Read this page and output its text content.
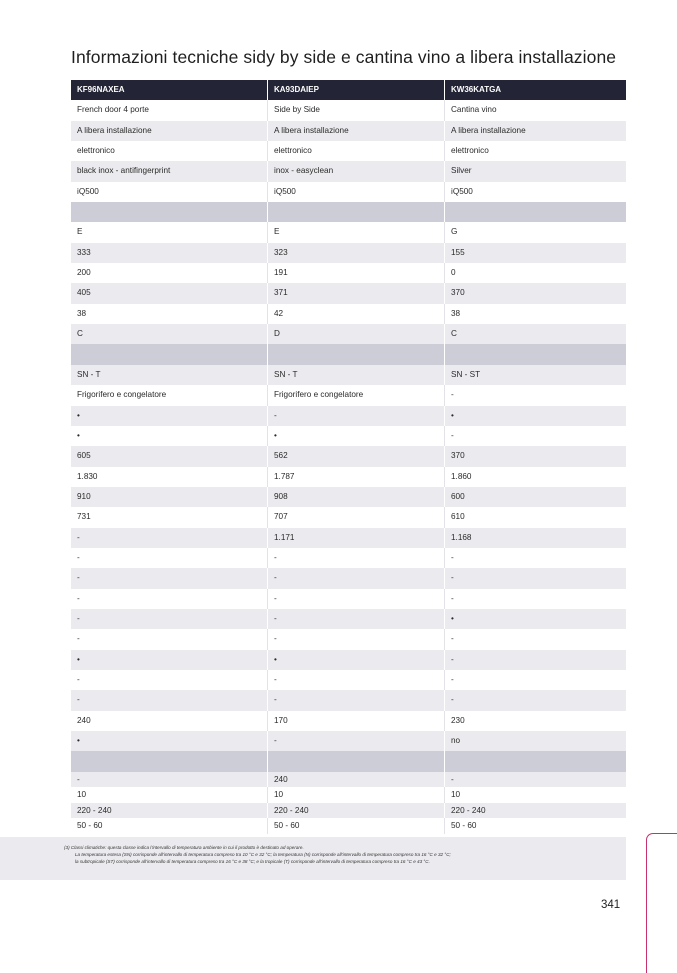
Informazioni tecniche sidy by side e cantina vino a libera installazione
KF96NAXEA	KA93DAIEP	KW36KATGA
French door 4 porte	Side by Side	Cantina vino
A libera installazione	A libera installazione	A libera installazione
elettronico	elettronico	elettronico
black inox - antifingerprint	inox - easyclean	Silver
iQ500	iQ500	iQ500
E	E	G
333	323	155
200	191	0
405	371	370
38	42	38
C	D	C
SN - T	SN - T	SN - ST
Frigorifero e congelatore	Frigorifero e congelatore	-
•	-	•
•	•	-
605	562	370
1.830	1.787	1.860
910	908	600
731	707	610
-	1.171	1.168
-	-	-
-	-	-
-	-	-
-	-	•
-	-	-
•	•	-
-	-	-
-	-	-
240	170	230
•	-	no
-	240	-
10	10	10
220 - 240	220 - 240	220 - 240
50 - 60	50 - 60	50 - 60

(3) Classi climatiche: questa classe indica l’intervallo di temperatura ambiente in cui il prodotto è destinato ad operare.

La temperatura estesa (SN) corrisponde all’intervallo di temperatura compreso tra 10 °C e 32 °C; la temperatura (N) corrisponde all’intervallo di temperatura compreso tra 16 °C e 32 °C;

la subtropicale (ST) corrisponde all’intervallo di temperatura compreso tra 16 °C e 38 °C; e la tropicale (T) corrisponde all’intervallo di temperatura compreso tra 16 °C e 43 °C.

341
